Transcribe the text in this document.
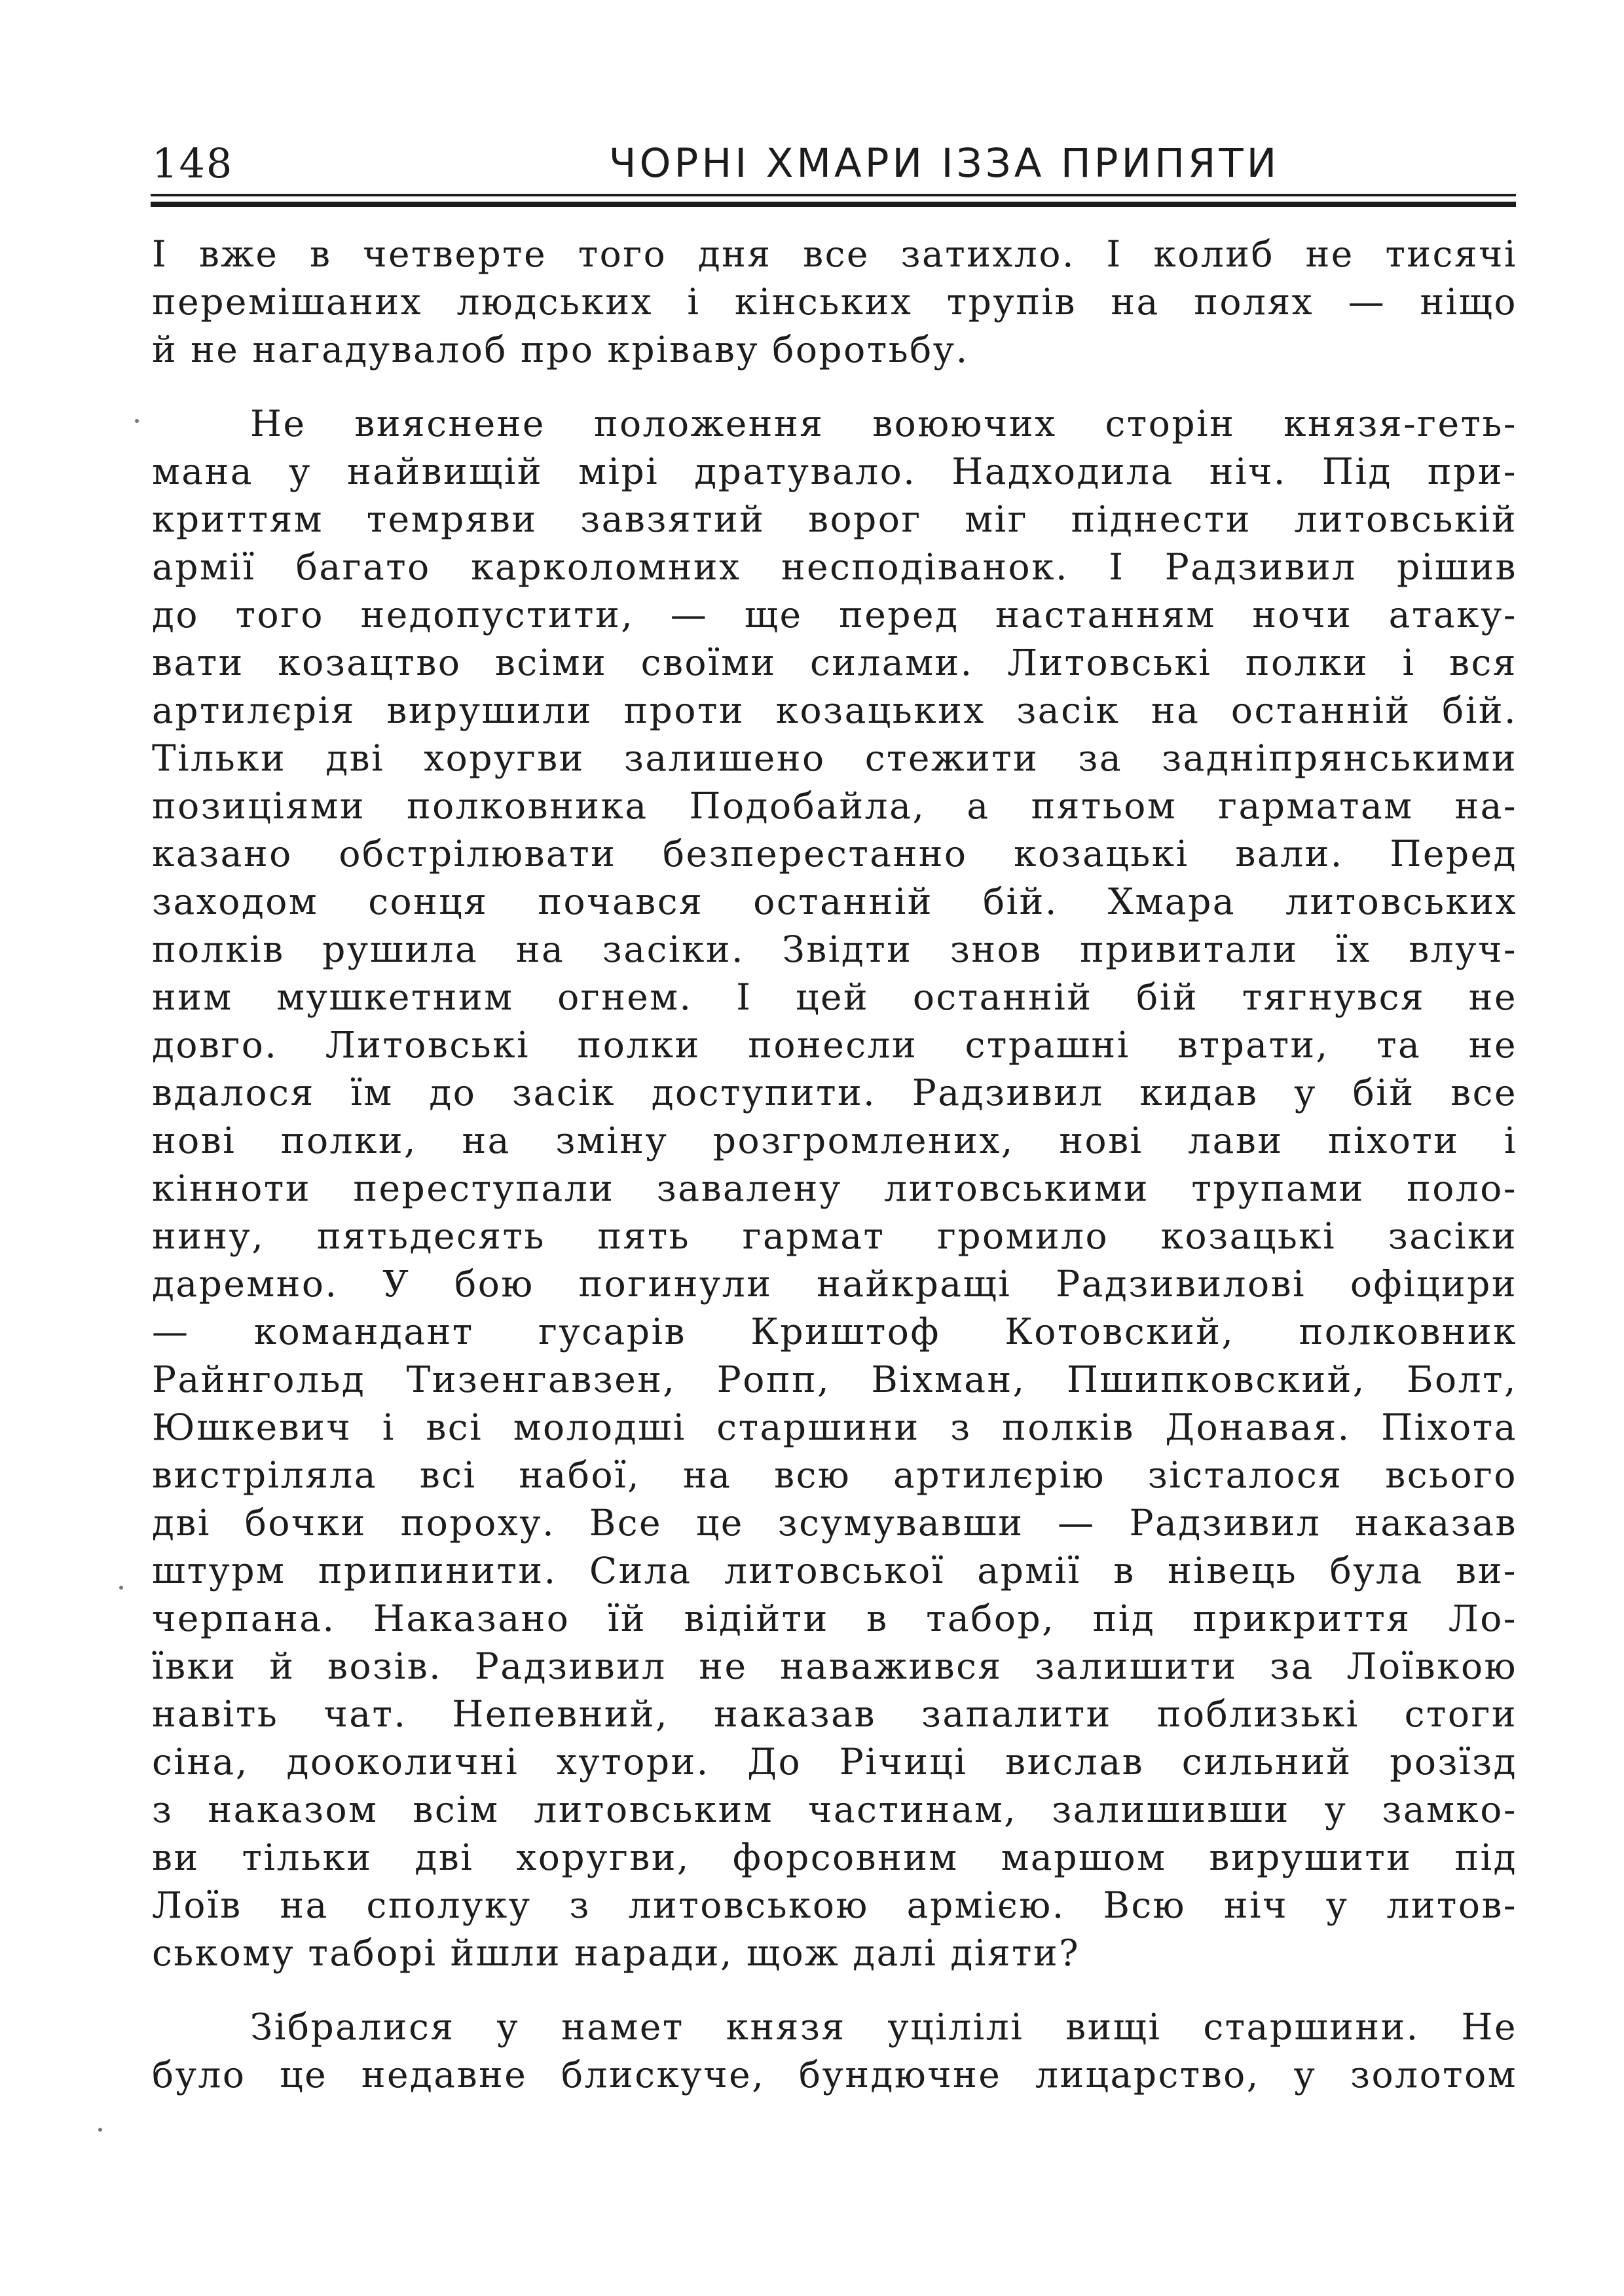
148	ЧОРНІ ХМАРИ ІЗЗА ПРИПЯТИ

І вже в четверте того дня все затихло. І колиб не тисячі
перемішаних людських і кінських трупів на полях — ніщо
й не нагадувалоб про кріваву боротьбу.

Не вияснене положення воюючих сторін князя-геть-
мана у найвищій мірі дратувало. Надходила ніч. Під при-
криттям темряви завзятий ворог міг піднести литовській
армії багато карколомних несподіванок. І Радзивил рішив
до того недопустити, — ще перед настанням ночи атаку-
вати козацтво всіми своїми силами. Литовські полки і вся
артилєрія вирушили проти козацьких засік на останній бій.
Тільки дві хоругви залишено стежити за задніпрянськими
позиціями полковника Подобайла, а пятьом гарматам на-
казано обстрілювати безперестанно козацькі вали. Перед
заходом сонця почався останній бій. Хмара литовських
полків рушила на засіки. Звідти знов привитали їх влуч-
ним мушкетним огнем. І цей останній бій тягнувся не
довго. Литовські полки понесли страшні втрати, та не
вдалося їм до засік доступити. Радзивил кидав у бій все
нові полки, на зміну розгромлених, нові лави піхоти і
кінноти переступали завалену литовськими трупами поло-
нину, пятьдесять пять гармат громило козацькі засіки
даремно. У бою погинули найкращі Радзивилові офіцири
— командант гусарів Криштоф Котовский, полковник
Райнгольд Тизенгавзен, Ропп, Віхман, Пшипковский, Болт,
Юшкевич і всі молодші старшини з полків Донавая. Піхота
вистріляла всі набої, на всю артилєрію зісталося всього
дві бочки пороху. Все це зсумувавши — Радзивил наказав
штурм припинити. Сила литовської армії в нівець була ви-
черпана. Наказано їй відійти в табор, під прикриття Ло-
ївки й возів. Радзивил не наважився залишити за Лоївкою
навіть чат. Непевний, наказав запалити поблизькі стоги
сіна, дооколичні хутори. До Річиці вислав сильний розїзд
з наказом всім литовським частинам, залишивши у замко-
ви тільки дві хоругви, форсовним маршом вирушити під
Лоїв на сполуку з литовською армією. Всю ніч у литов-
ському таборі йшли наради, щож далі діяти?

Зібралися у намет князя уцілілі вищі старшини. Не
було це недавне блискуче, бундючне лицарство, у золотом
